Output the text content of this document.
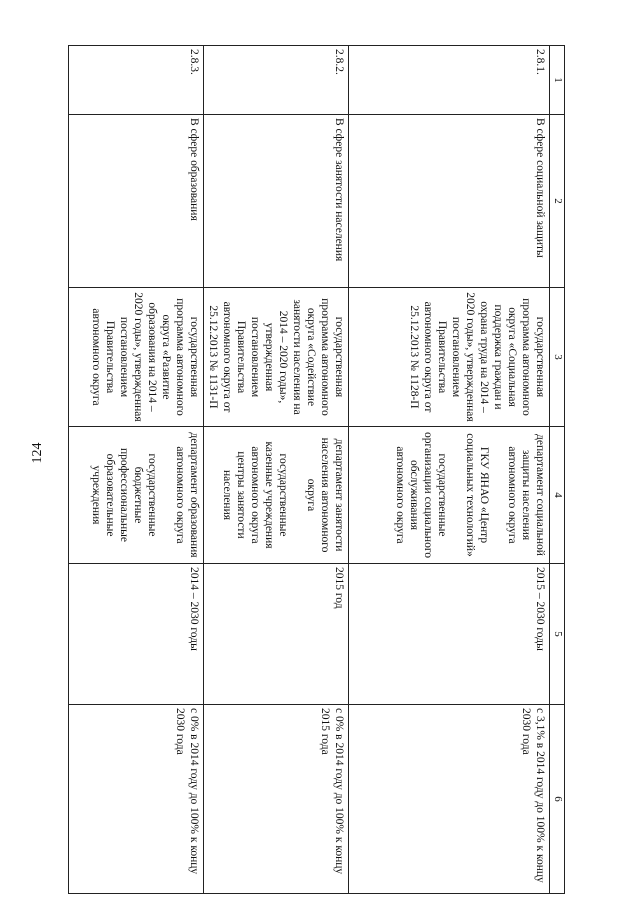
124
1	2	3	4	5	6
2.8.1.	В сфере социальной защиты	государственная программа автономного округа «Социальная поддержка граждан и охрана труда на 2014 – 2020 годы», утвержденная постановлением Правительства автономного округа от 25.12.2013 № 1128-П	департамент социальной защиты населения автономного округа
ГКУ ЯНАО «Центр социальных технологий»
государственные организации социального обслуживания автономного округа	2015 – 2030 годы	с 3,1% в 2014 году до 100% к концу 2030 года
2.8.2.	В сфере занятости населения	государственная программа автономного округа «Содействие занятости населения на 2014 – 2020 годы», утвержденная постановлением Правительства автономного округа от 25.12.2013 № 1131-П	департамент занятости населения автономного округа
государственные казенные учреждения автономного округа центры занятости населения	2015 год	с 0% в 2014 году до 100% к концу 2015 года
2.8.3.	В сфере образования	государственная программа автономного округа «Развитие образования на 2014 – 2020 годы», утвержденная постановлением Правительства автономного округа	департамент образования автономного округа
государственные бюджетные профессиональные образовательные учреждения	2014 – 2030 годы	с 0% в 2014 году до 100% к концу 2030 года
